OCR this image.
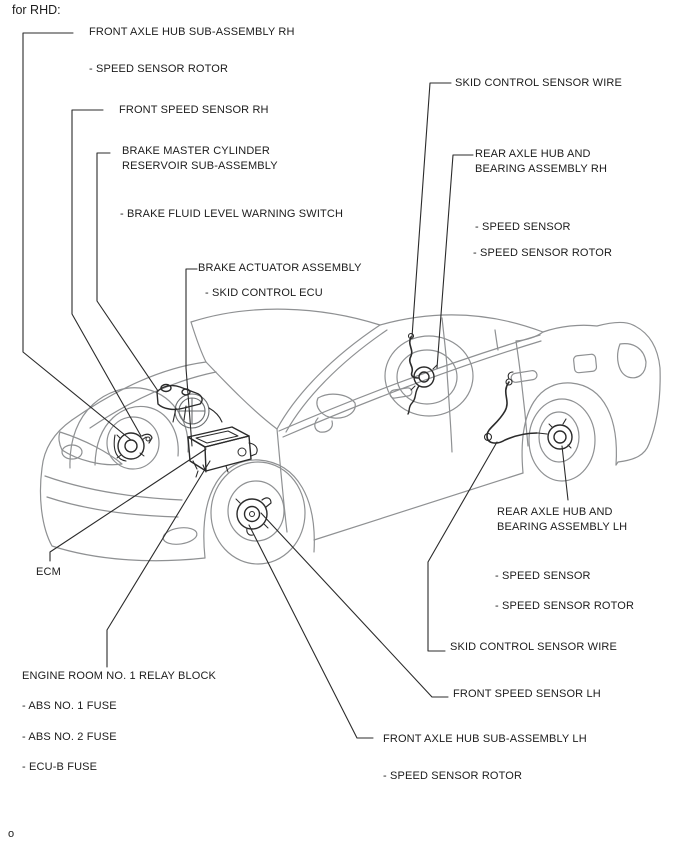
for RHD:
FRONT AXLE HUB SUB-ASSEMBLY RH
- SPEED SENSOR ROTOR
FRONT SPEED SENSOR RH
BRAKE MASTER CYLINDER
RESERVOIR SUB-ASSEMBLY
- BRAKE FLUID LEVEL WARNING SWITCH
BRAKE ACTUATOR ASSEMBLY
- SKID CONTROL ECU
SKID CONTROL SENSOR WIRE
REAR AXLE HUB AND
BEARING ASSEMBLY RH
- SPEED SENSOR
- SPEED SENSOR ROTOR
ECM
ENGINE ROOM NO. 1 RELAY BLOCK
- ABS NO. 1 FUSE
- ABS NO. 2 FUSE
- ECU-B FUSE
REAR AXLE HUB AND
BEARING ASSEMBLY LH
- SPEED SENSOR
- SPEED SENSOR ROTOR
SKID CONTROL SENSOR WIRE
FRONT SPEED SENSOR LH
FRONT AXLE HUB SUB-ASSEMBLY LH
- SPEED SENSOR ROTOR
o
